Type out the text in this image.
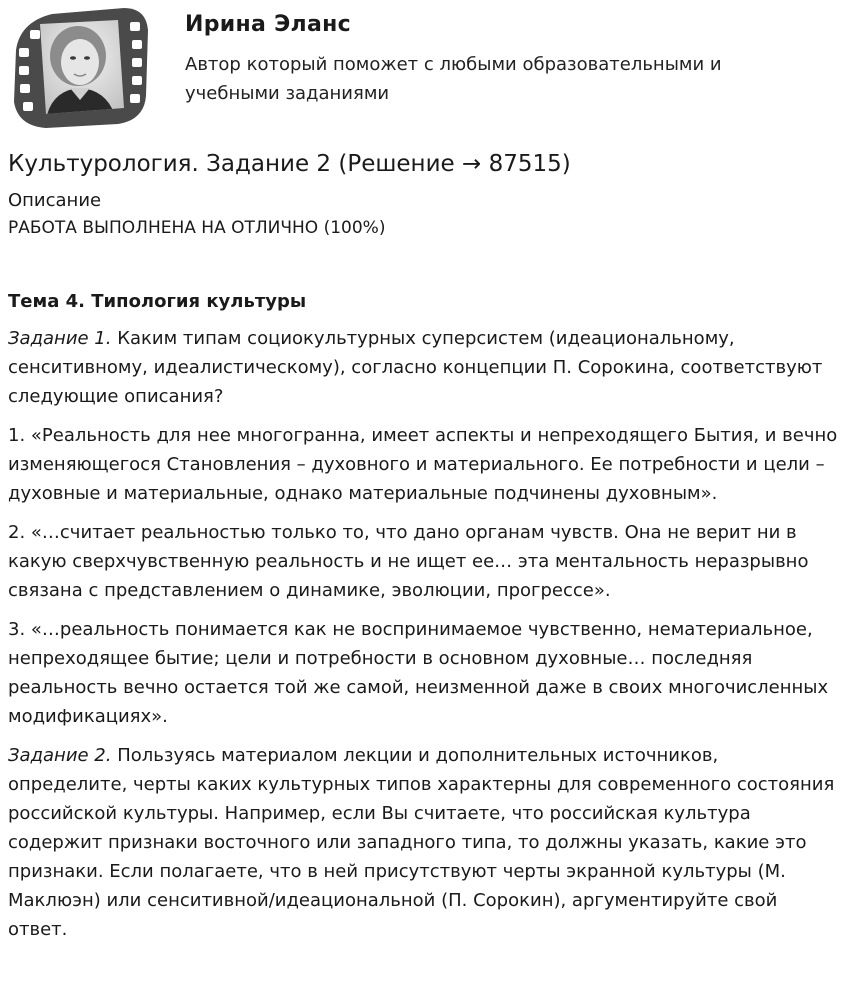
Ирина Эланс
Автор который поможет с любыми образовательными и учебными заданиями
Культурология. Задание 2 (Решение → 87515)
Описание
РАБОТА ВЫПОЛНЕНА НА ОТЛИЧНО (100%)
Тема 4. Типология культуры
Задание 1. Каким типам социокультурных суперсистем (идеациональному, сенситивному, идеалистическому), согласно концепции П. Сорокина, соответствуют следующие описания?
1. «Реальность для нее многогранна, имеет аспекты и непреходящего Бытия, и вечно изменяющегося Становления – духовного и материального. Ее потребности и цели – духовные и материальные, однако материальные подчинены духовным».
2. «…считает реальностью только то, что дано органам чувств. Она не верит ни в какую сверхчувственную реальность и не ищет ее… эта ментальность неразрывно связана с представлением о динамике, эволюции, прогрессе».
3. «…реальность понимается как не воспринимаемое чувственно, нематериальное, непреходящее бытие; цели и потребности в основном духовные… последняя реальность вечно остается той же самой, неизменной даже в своих многочисленных модификациях».
Задание 2. Пользуясь материалом лекции и дополнительных источников, определите, черты каких культурных типов характерны для современного состояния российской культуры. Например, если Вы считаете, что российская культура содержит признаки восточного или западного типа, то должны указать, какие это признаки. Если полагаете, что в ней присутствуют черты экранной культуры (М. Маклюэн) или сенситивной/идеациональной (П. Сорокин), аргументируйте свой ответ.
